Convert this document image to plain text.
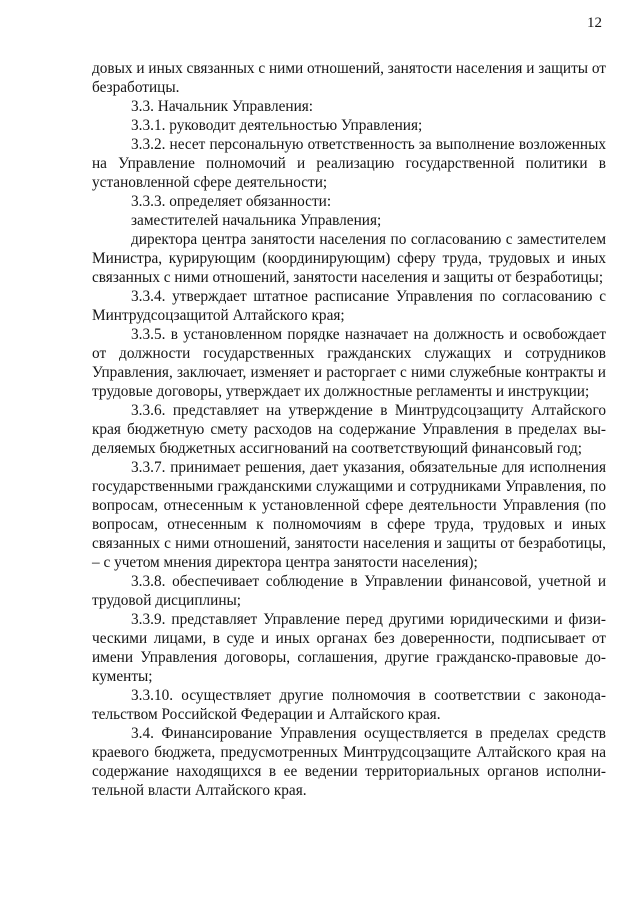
12

довых и иных связанных с ними отношений, занятости населения и защиты от безработицы.

3.3. Начальник Управления:

3.3.1. руководит деятельностью Управления;

3.3.2. несет персональную ответственность за выполнение возложенных на Управление полномочий и реализацию государственной политики в установленной сфере деятельности;

3.3.3. определяет обязанности:

заместителей начальника Управления;

директора центра занятости населения по согласованию с заместителем Министра, курирующим (координирующим) сферу труда, трудовых и иных связанных с ними отношений, занятости населения и защиты от безработицы;

3.3.4. утверждает штатное расписание Управления по согласованию с Минтрудсоцзащитой Алтайского края;

3.3.5. в установленном порядке назначает на должность и освобождает от должности государственных гражданских служащих и сотрудников Управления, заключает, изменяет и расторгает с ними служебные контракты и трудовые договоры, утверждает их должностные регламенты и инструкции;

3.3.6. представляет на утверждение в Минтрудсоцзащиту Алтайского края бюджетную смету расходов на содержание Управления в пределах выделяемых бюджетных ассигнований на соответствующий финансовый год;

3.3.7. принимает решения, дает указания, обязательные для исполнения государственными гражданскими служащими и сотрудниками Управления, по вопросам, отнесенным к установленной сфере деятельности Управления (по вопросам, отнесенным к полномочиям в сфере труда, трудовых и иных связанных с ними отношений, занятости населения и защиты от безработицы, – с учетом мнения директора центра занятости населения);

3.3.8. обеспечивает соблюдение в Управлении финансовой, учетной и трудовой дисциплины;

3.3.9. представляет Управление перед другими юридическими и физическими лицами, в суде и иных органах без доверенности, подписывает от имени Управления договоры, соглашения, другие гражданско-правовые документы;

3.3.10. осуществляет другие полномочия в соответствии с законодательством Российской Федерации и Алтайского края.

3.4. Финансирование Управления осуществляется в пределах средств краевого бюджета, предусмотренных Минтрудсоцзащите Алтайского края на содержание находящихся в ее ведении территориальных органов исполнительной власти Алтайского края.
